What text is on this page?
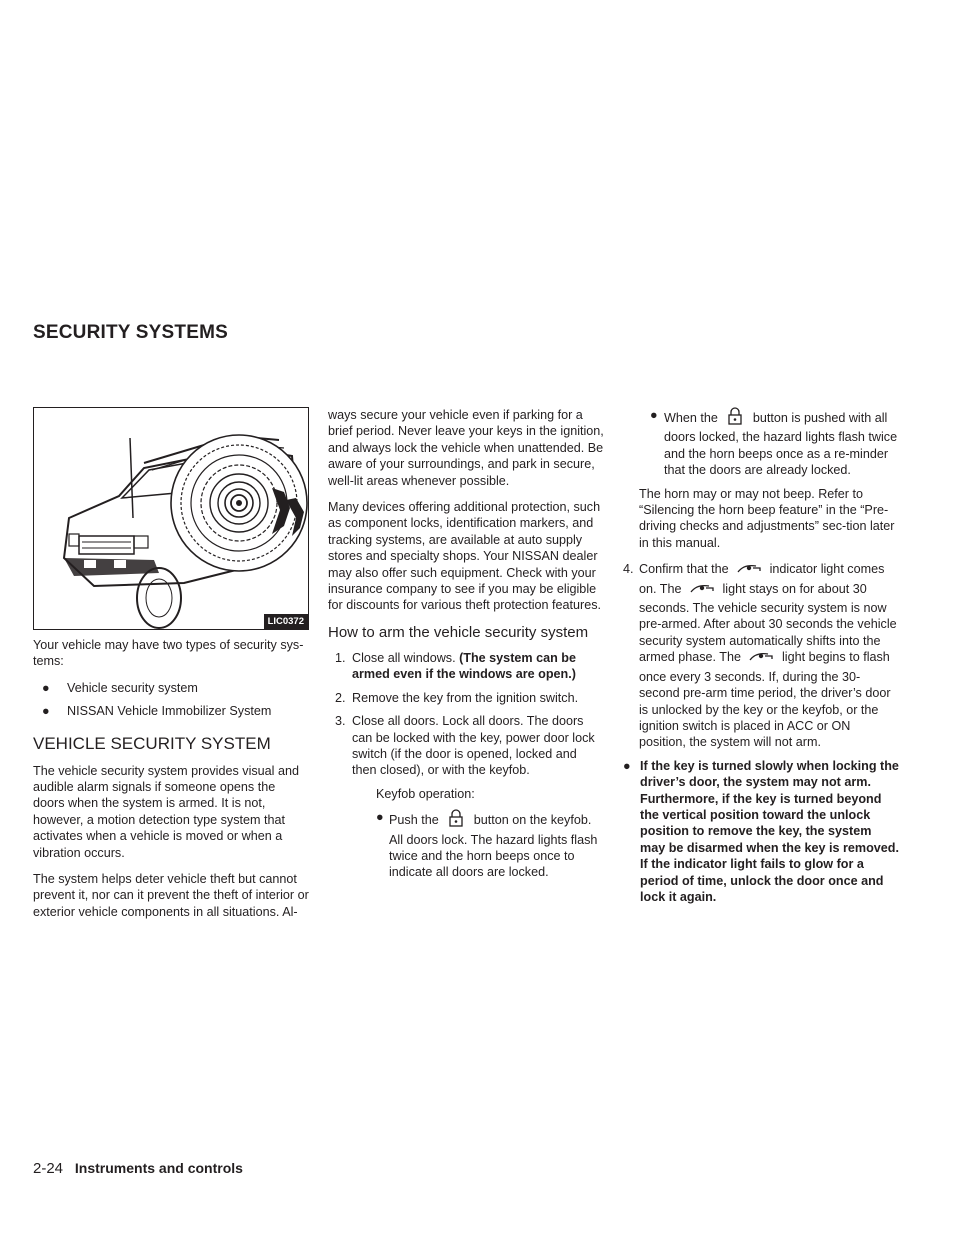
SECURITY SYSTEMS
LIC0372

Your vehicle may have two types of security sys-tems:

● Vehicle security system
● NISSAN Vehicle Immobilizer System
VEHICLE SECURITY SYSTEM

The vehicle security system provides visual and audible alarm signals if someone opens the doors when the system is armed. It is not, however, a motion detection type system that activates when a vehicle is moved or when a vibration occurs.

The system helps deter vehicle theft but cannot prevent it, nor can it prevent the theft of interior or exterior vehicle components in all situations. Al-

ways secure your vehicle even if parking for a brief period. Never leave your keys in the ignition, and always lock the vehicle when unattended. Be aware of your surroundings, and park in secure, well-lit areas whenever possible.

Many devices offering additional protection, such as component locks, identification markers, and tracking systems, are available at auto supply stores and specialty shops. Your NISSAN dealer may also offer such equipment. Check with your insurance company to see if you may be eligible for discounts for various theft protection features.

How to arm the vehicle security system
1. Close all windows. (The system can be armed even if the windows are open.)
2. Remove the key from the ignition switch.
3. Close all doors. Lock all doors. The doors can be locked with the key, power door lock switch (if the door is opened, locked and then closed), or with the keyfob.
Keyfob operation:
● Push the	button on the keyfob. All doors lock. The hazard lights flash twice and the horn beeps once to indicate all doors are locked.
● When the	button is pushed with all doors locked, the hazard lights flash twice and the horn beeps once as a re-minder that the doors are already locked.

The horn may or may not beep. Refer to “Silencing the horn beep feature” in the “Pre-driving checks and adjustments” sec-tion later in this manual.

4. Confirm that the	indicator light comes on. The	light stays on for about 30 seconds. The vehicle security system is now pre-armed. After about 30 seconds the vehicle security system automatically shifts into the armed phase. The	light begins to flash once every 3 seconds. If, during the 30-second pre-arm time period, the driver’s door is unlocked by the key or the keyfob, or the ignition switch is placed in ACC or ON position, the system will not arm.
● If the key is turned slowly when locking the driver’s door, the system may not arm. Furthermore, if the key is turned beyond the vertical position toward the unlock position to remove the key, the system may be disarmed when the key is removed. If the indicator light fails to glow for a period of time, unlock the door once and lock it again.
2-24 Instruments and controls
